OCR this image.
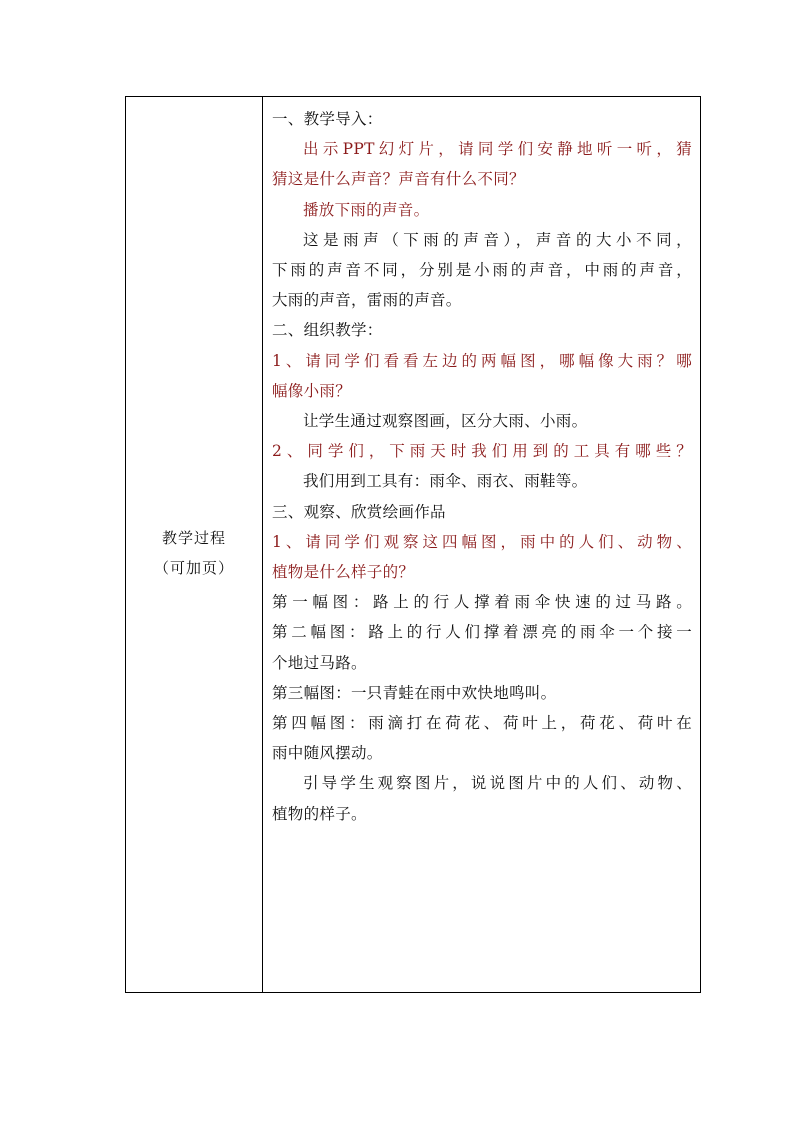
教学过程
（可加页）
一、教学导入：
出示PPT幻灯片，请同学们安静地听一听，猜
猜这是什么声音？声音有什么不同？
播放下雨的声音。
这是雨声（下雨的声音），声音的大小不同，
下雨的声音不同，分别是小雨的声音，中雨的声音，
大雨的声音，雷雨的声音。
二、组织教学：
1、请同学们看看左边的两幅图，哪幅像大雨？哪
幅像小雨？
让学生通过观察图画，区分大雨、小雨。
2、同学们，下雨天时我们用到的工具有哪些？
我们用到工具有：雨伞、雨衣、雨鞋等。
三、观察、欣赏绘画作品
1、请同学们观察这四幅图，雨中的人们、动物、
植物是什么样子的？
第一幅图：路上的行人撑着雨伞快速的过马路。
第二幅图：路上的行人们撑着漂亮的雨伞一个接一
个地过马路。
第三幅图：一只青蛙在雨中欢快地鸣叫。
第四幅图：雨滴打在荷花、荷叶上，荷花、荷叶在
雨中随风摆动。
引导学生观察图片，说说图片中的人们、动物、
植物的样子。
